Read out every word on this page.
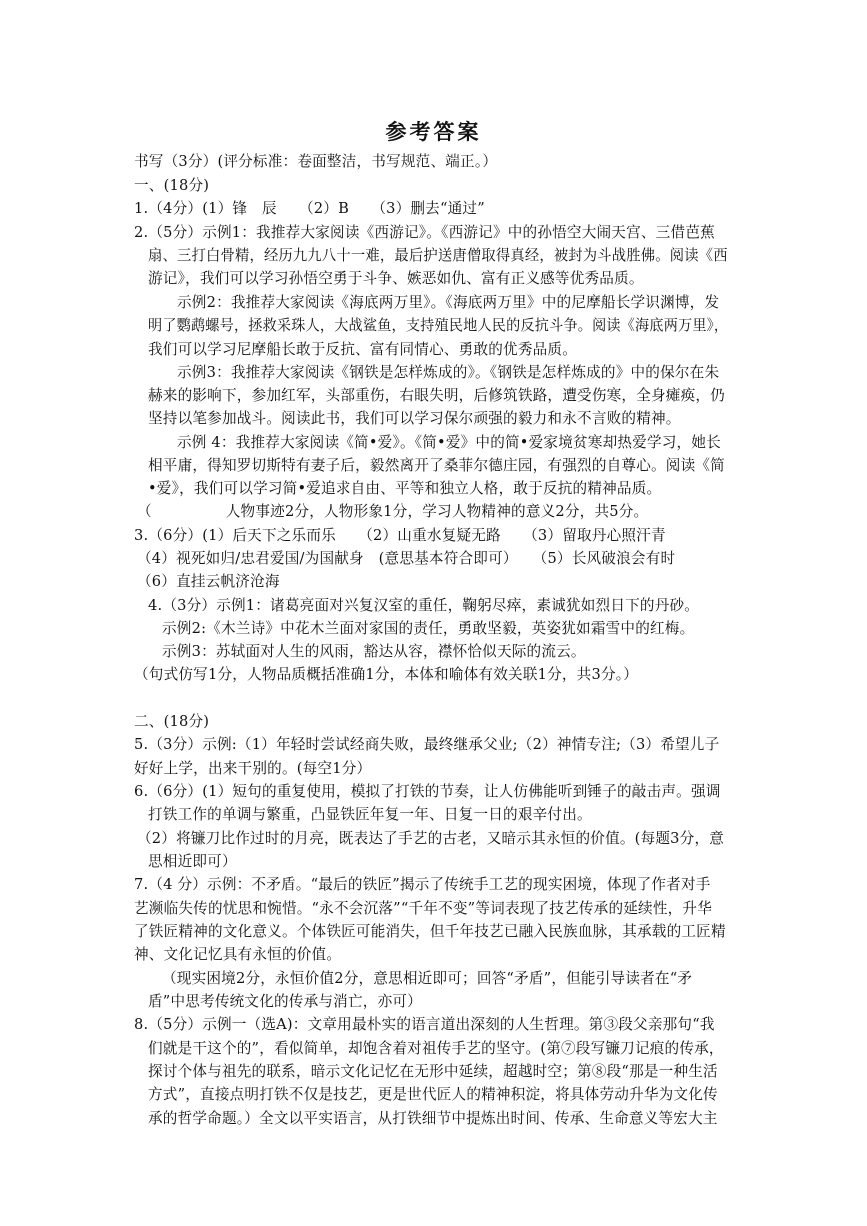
参考答案
书写（3分）(评分标准：卷面整洁，书写规范、端正。）
一、(18分)
1.（4分）(1）锋　辰　　（2）B　　（3）删去“通过”
2.（5分）示例1：我推荐大家阅读《西游记》。《西游记》中的孙悟空大闹天宫、三借芭蕉
扇、三打白骨精，经历九九八十一难，最后护送唐僧取得真经，被封为斗战胜佛。阅读《西
游记》，我们可以学习孙悟空勇于斗争、嫉恶如仇、富有正义感等优秀品质。
示例2：我推荐大家阅读《海底两万里》。《海底两万里》中的尼摩船长学识渊博，发
明了鹦鹉螺号，拯救采珠人，大战鲨鱼，支持殖民地人民的反抗斗争。阅读《海底两万里》，
我们可以学习尼摩船长敢于反抗、富有同情心、勇敢的优秀品质。
示例3：我推荐大家阅读《钢铁是怎样炼成的》。《钢铁是怎样炼成的》中的保尔在朱
赫来的影响下，参加红军，头部重伤，右眼失明，后修筑铁路，遭受伤寒，全身瘫痪，仍
坚持以笔参加战斗。阅读此书，我们可以学习保尔顽强的毅力和永不言败的精神。
示例 4：我推荐大家阅读《简•爱》。《简•爱》中的简•爱家境贫寒却热爱学习，她长
相平庸，得知罗切斯特有妻子后，毅然离开了桑菲尔德庄园，有强烈的自尊心。阅读《简
•爱》，我们可以学习简•爱追求自由、平等和独立人格，敢于反抗的精神品质。
（　　　　　人物事迹2分，人物形象1分，学习人物精神的意义2分，共5分。
3.（6分）(1）后天下之乐而乐　　（2）山重水复疑无路　　（3）留取丹心照汗青
（4）视死如归/忠君爱国/为国献身　(意思基本符合即可）　　（5）长风破浪会有时
（6）直挂云帆济沧海
4.（3分）示例1：诸葛亮面对兴复汉室的重任，鞠躬尽瘁，素诚犹如烈日下的丹砂。
示例2:《木兰诗》中花木兰面对家国的责任，勇敢坚毅，英姿犹如霜雪中的红梅。
示例3：苏轼面对人生的风雨，豁达从容，襟怀恰似天际的流云。
（句式仿写1分，人物品质概括准确1分，本体和喻体有效关联1分，共3分。）
二、(18分)
5.（3分）示例:（1）年轻时尝试经商失败，最终继承父业;（2）神情专注;（3）希望儿子
好好上学，出来干别的。(每空1分）
6.（6分）(1）短句的重复使用，模拟了打铁的节奏，让人仿佛能听到锤子的敲击声。强调
打铁工作的单调与繁重，凸显铁匠年复一年、日复一日的艰辛付出。
（2）将镰刀比作过时的月亮，既表达了手艺的古老，又暗示其永恒的价值。(每题3分，意
思相近即可）
7.（4 分）示例：不矛盾。“最后的铁匠”揭示了传统手工艺的现实困境，体现了作者对手
艺濒临失传的忧思和惋惜。“永不会沉落”“千年不变”等词表现了技艺传承的延续性，升华
了铁匠精神的文化意义。个体铁匠可能消失，但千年技艺已融入民族血脉，其承载的工匠精
神、文化记忆具有永恒的价值。
（现实困境2分，永恒价值2分，意思相近即可；回答“矛盾”，但能引导读者在“矛
盾”中思考传统文化的传承与消亡，亦可）
8.（5分）示例一（选A)：文章用最朴实的语言道出深刻的人生哲理。第③段父亲那句“我
们就是干这个的”，看似简单，却饱含着对祖传手艺的坚守。(第⑦段写镰刀记痕的传承，
探讨个体与祖先的联系，暗示文化记忆在无形中延续，超越时空；第⑧段“那是一种生活
方式”，直接点明打铁不仅是技艺，更是世代匠人的精神积淀，将具体劳动升华为文化传
承的哲学命题。）全文以平实语言，从打铁细节中提炼出时间、传承、生命意义等宏大主
